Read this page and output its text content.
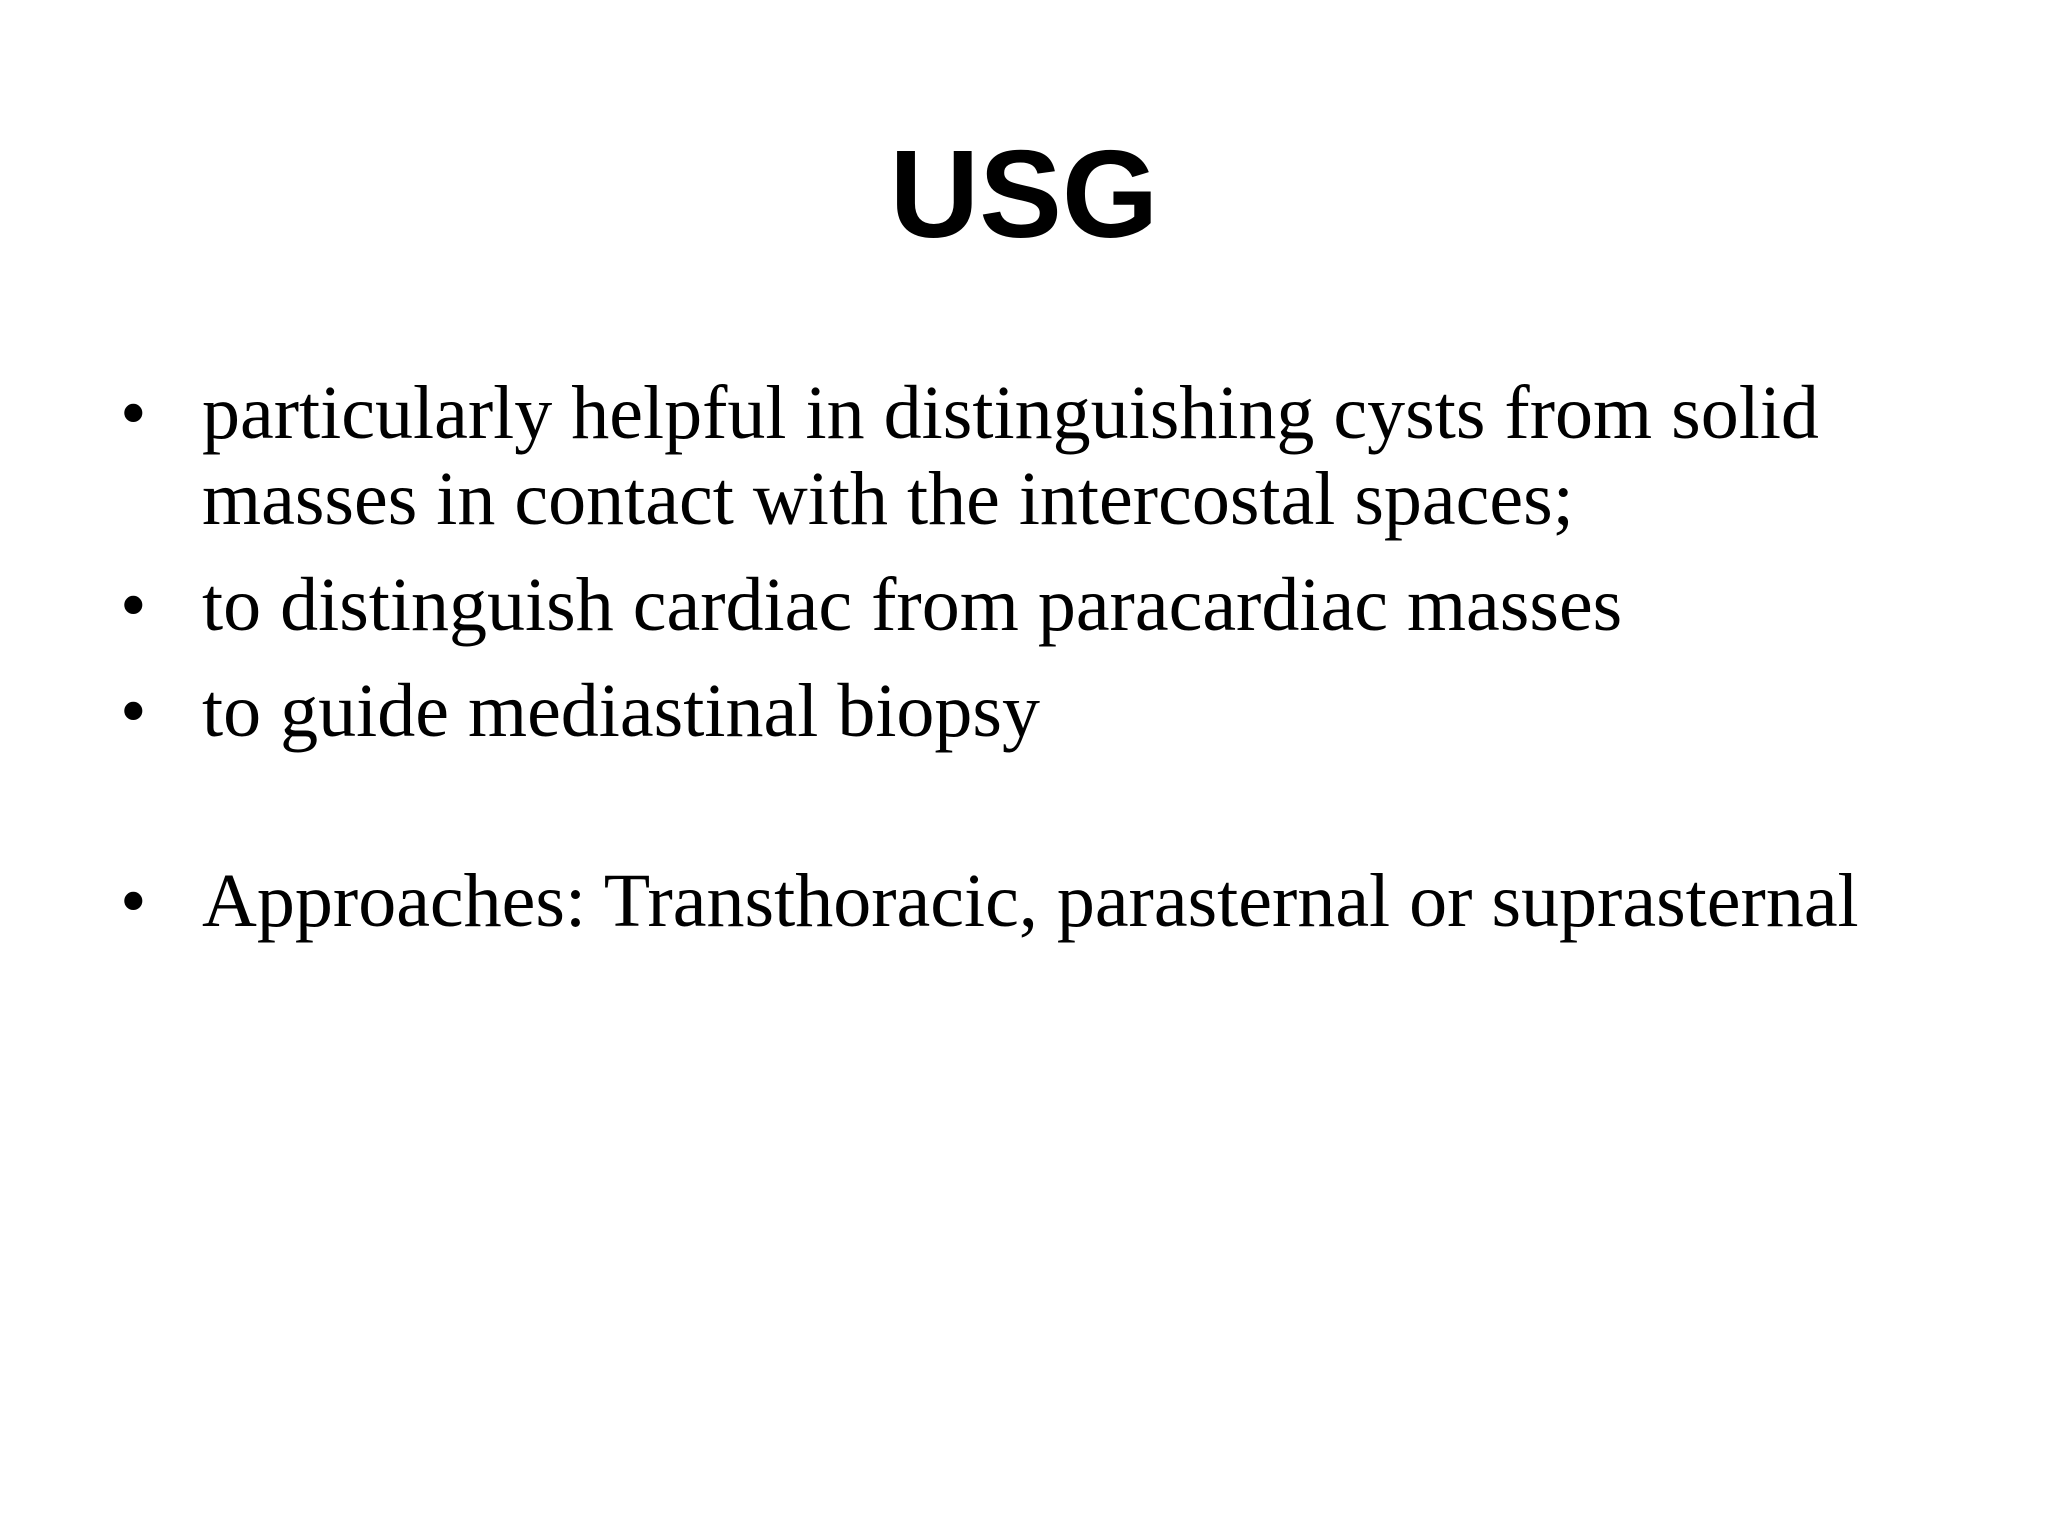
USG
• particularly helpful in distinguishing cysts from solid masses in contact with the intercostal spaces;
• to distinguish cardiac from paracardiac masses
• to guide mediastinal biopsy
• Approaches: Transthoracic, parasternal or suprasternal
